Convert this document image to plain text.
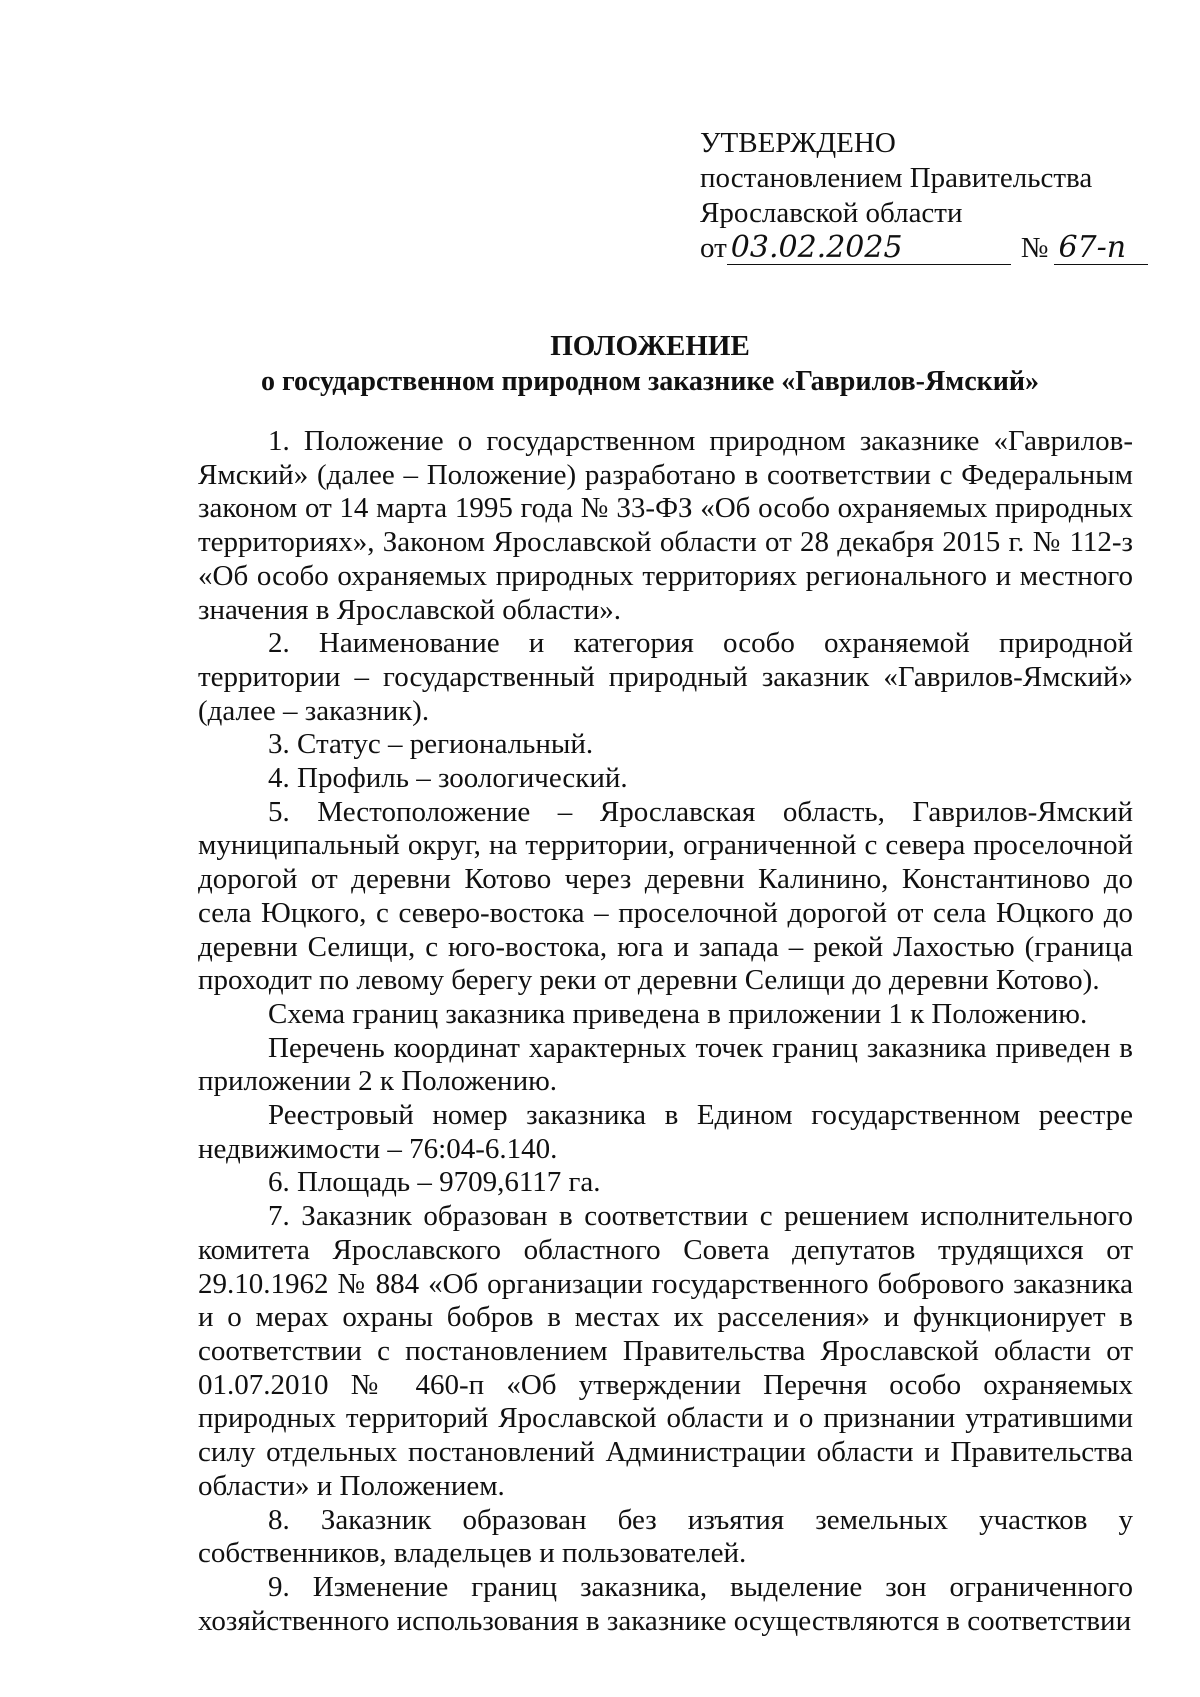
УТВЕРЖДЕНО
постановлением Правительства
Ярославской области
от 03.02.2025	№ 67-п
ПОЛОЖЕНИЕ
о государственном природном заказнике «Гаврилов-Ямский»

1. Положение о государственном природном заказнике «Гаврилов-Ямский» (далее – Положение) разработано в соответствии с Федеральным законом от 14 марта 1995 года № 33-ФЗ «Об особо охраняемых природных территориях», Законом Ярославской области от 28 декабря 2015 г. № 112-з «Об особо охраняемых природных территориях регионального и местного значения в Ярославской области».

2. Наименование и категория особо охраняемой природной территории – государственный природный заказник «Гаврилов-Ямский» (далее – заказник).

3. Статус – региональный.

4. Профиль – зоологический.

5. Местоположение – Ярославская область, Гаврилов-Ямский муниципальный округ, на территории, ограниченной с севера проселочной дорогой от деревни Котово через деревни Калинино, Константиново до села Юцкого, с северо-востока – проселочной дорогой от села Юцкого до деревни Селищи, с юго-востока, юга и запада – рекой Лахостью (граница проходит по левому берегу реки от деревни Селищи до деревни Котово).

Схема границ заказника приведена в приложении 1 к Положению.

Перечень координат характерных точек границ заказника приведен в приложении 2 к Положению.

Реестровый номер заказника в Едином государственном реестре недвижимости – 76:04-6.140.

6. Площадь – 9709,6117 га.

7. Заказник образован в соответствии с решением исполнительного комитета Ярославского областного Совета депутатов трудящихся от 29.10.1962 № 884 «Об организации государственного бобрового заказника и о мерах охраны бобров в местах их расселения» и функционирует в соответствии с постановлением Правительства Ярославской области от 01.07.2010 № 460-п «Об утверждении Перечня особо охраняемых природных территорий Ярославской области и о признании утратившими силу отдельных постановлений Администрации области и Правительства области» и Положением.

8. Заказник образован без изъятия земельных участков у собственников, владельцев и пользователей.

9. Изменение границ заказника, выделение зон ограниченного хозяйственного использования в заказнике осуществляются в соответствии
